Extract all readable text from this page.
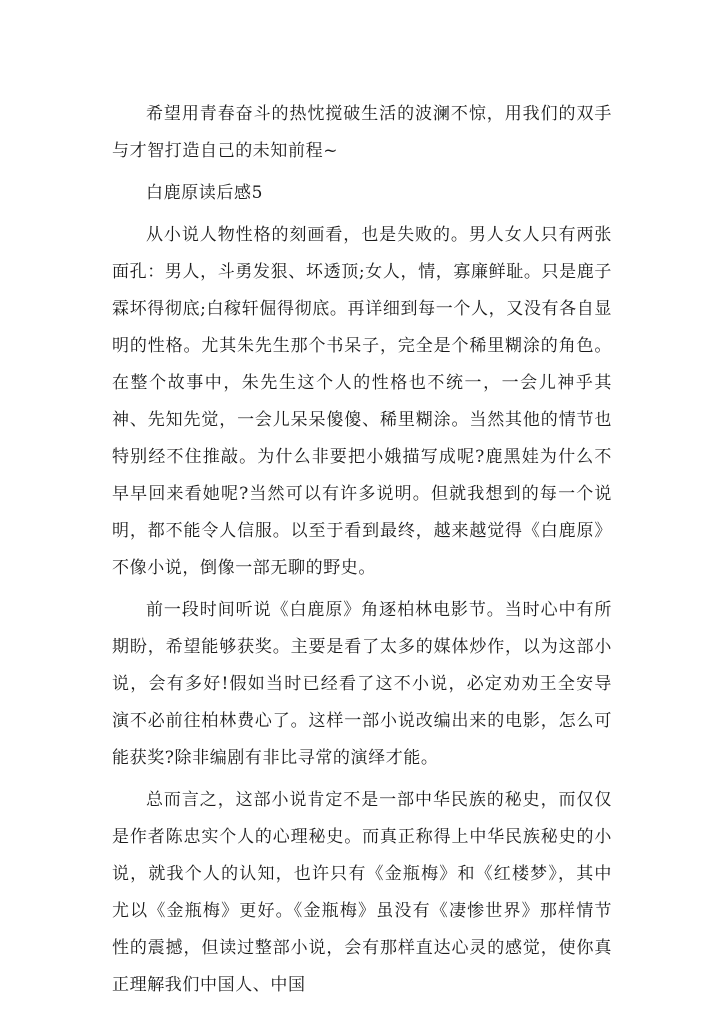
希望用青春奋斗的热忱搅破生活的波澜不惊，用我们的双手与才智打造自己的未知前程~

白鹿原读后感5

从小说人物性格的刻画看，也是失败的。男人女人只有两张面孔：男人，斗勇发狠、坏透顶;女人，情，寡廉鲜耻。只是鹿子霖坏得彻底;白稼轩倔得彻底。再详细到每一个人，又没有各自显明的性格。尤其朱先生那个书呆子，完全是个稀里糊涂的角色。在整个故事中，朱先生这个人的性格也不统一，一会儿神乎其神、先知先觉，一会儿呆呆傻傻、稀里糊涂。当然其他的情节也特别经不住推敲。为什么非要把小娥描写成呢?鹿黑娃为什么不早早回来看她呢?当然可以有许多说明。但就我想到的每一个说明，都不能令人信服。以至于看到最终，越来越觉得《白鹿原》不像小说，倒像一部无聊的野史。

前一段时间听说《白鹿原》角逐柏林电影节。当时心中有所期盼，希望能够获奖。主要是看了太多的媒体炒作，以为这部小说，会有多好!假如当时已经看了这不小说，必定劝劝王全安导演不必前往柏林费心了。这样一部小说改编出来的电影，怎么可能获奖?除非编剧有非比寻常的演绎才能。

总而言之，这部小说肯定不是一部中华民族的秘史，而仅仅是作者陈忠实个人的心理秘史。而真正称得上中华民族秘史的小说，就我个人的认知，也许只有《金瓶梅》和《红楼梦》，其中尤以《金瓶梅》更好。《金瓶梅》虽没有《凄惨世界》那样情节性的震撼，但读过整部小说，会有那样直达心灵的感觉，使你真正理解我们中国人、中国
